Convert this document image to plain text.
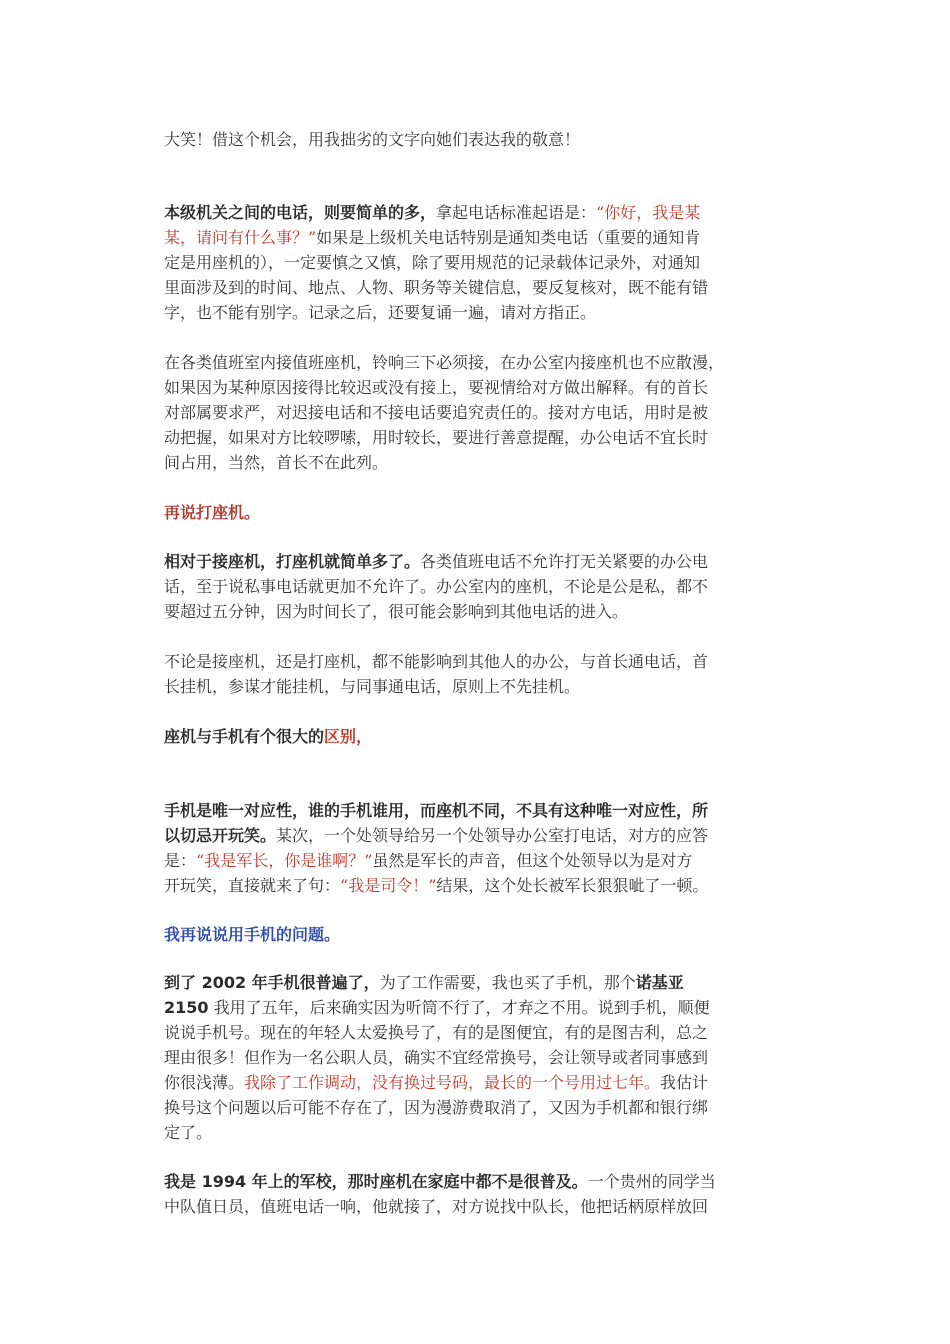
大笑！借这个机会，用我拙劣的文字向她们表达我的敬意！

本级机关之间的电话，则要简单的多，拿起电话标准起语是：“你好，我是某
某，请问有什么事？”如果是上级机关电话特别是通知类电话（重要的通知肯
定是用座机的），一定要慎之又慎，除了要用规范的记录载体记录外，对通知
里面涉及到的时间、地点、人物、职务等关键信息，要反复核对，既不能有错
字，也不能有别字。记录之后，还要复诵一遍，请对方指正。

在各类值班室内接值班座机，铃响三下必须接，在办公室内接座机也不应散漫，
如果因为某种原因接得比较迟或没有接上，要视情给对方做出解释。有的首长
对部属要求严，对迟接电话和不接电话要追究责任的。接对方电话，用时是被
动把握，如果对方比较啰嗦，用时较长，要进行善意提醒，办公电话不宜长时
间占用，当然，首长不在此列。

再说打座机。

相对于接座机，打座机就简单多了。各类值班电话不允许打无关紧要的办公电
话，至于说私事电话就更加不允许了。办公室内的座机，不论是公是私，都不
要超过五分钟，因为时间长了，很可能会影响到其他电话的进入。

不论是接座机，还是打座机，都不能影响到其他人的办公，与首长通电话，首
长挂机，参谋才能挂机，与同事通电话，原则上不先挂机。

座机与手机有个很大的区别，

手机是唯一对应性，谁的手机谁用，而座机不同，不具有这种唯一对应性，所
以切忌开玩笑。某次，一个处领导给另一个处领导办公室打电话，对方的应答
是：“我是军长，你是谁啊？”虽然是军长的声音，但这个处领导以为是对方
开玩笑，直接就来了句：“我是司令！”结果，这个处长被军长狠狠呲了一顿。

我再说说用手机的问题。

到了 2002 年手机很普遍了，为了工作需要，我也买了手机，那个诺基亚
2150 我用了五年，后来确实因为听筒不行了，才弃之不用。说到手机，顺便
说说手机号。现在的年轻人太爱换号了，有的是图便宜，有的是图吉利，总之
理由很多！但作为一名公职人员，确实不宜经常换号，会让领导或者同事感到
你很浅薄。我除了工作调动，没有换过号码，最长的一个号用过七年。我估计
换号这个问题以后可能不存在了，因为漫游费取消了，又因为手机都和银行绑
定了。

我是 1994 年上的军校，那时座机在家庭中都不是很普及。一个贵州的同学当
中队值日员，值班电话一响，他就接了，对方说找中队长，他把话柄原样放回
